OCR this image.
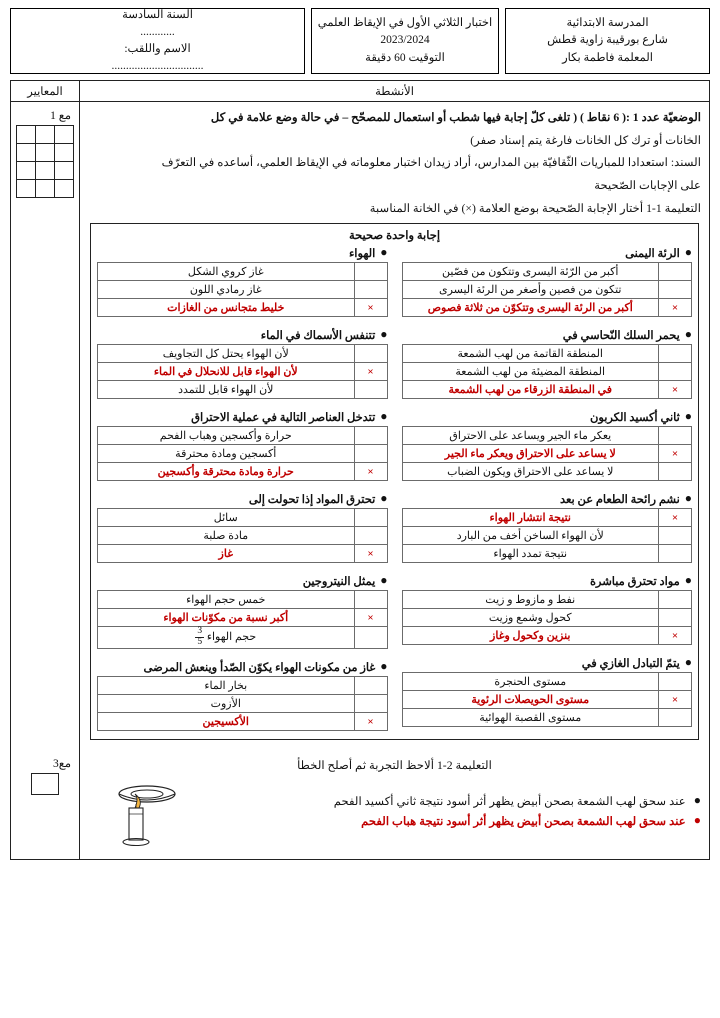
المدرسة الابتدائية
شارع بورقيبة زاوية قطش
المعلمة فاطمة بكار
اختبار الثلاثي الأول في الإيقاظ العلمي
2023/2024
التوقيت 60 دقيقة
السنة السادسة
............
الاسم واللقب:
................................
الأنشطة
المعايير

الوضعيّة عدد 1 :( 6 نقاط ) ( تلغى كلّ إجابة فيها شطب أو استعمال للمصحّح – في حالة وضع علامة في كل

الخانات أو ترك كل الخانات فارغة يتم إسناد صفر)

السند: استعدادا للمباريات الثّقافيّة بين المدارس، أراد زيدان اختبار معلوماته في الإيقاظ العلمي، أساعده في التعرّف

على الإجابات الصّحيحة

التعليمة 1-1 أختار الإجابة الصّحيحة بوضع العلامة (×) في الخانة المناسبة

إجابة واحدة صحيحة
●
الرئة اليمنى
	أكبر من الرّئة اليسرى وتتكون من فصّين
	تتكون من فصين وأصغر من الرئة اليسرى
×	أكبر من الرئة اليسرى وتتكوّن من ثلاثة فصوص
●
يحمر السلك النّحاسي في
	المنطقة القاتمة من لهب الشمعة
	المنطقة المضيئة من لهب الشمعة
×	في المنطقة الزرقاء من لهب الشمعة
●
ثاني أكسيد الكربون
	يعكر ماء الجير ويساعد على الاحتراق
×	لا يساعد على الاحتراق ويعكر ماء الجير
	لا يساعد على الاحتراق ويكون الضباب
●
نشم رائحة الطعام عن بعد
×	نتيجة انتشار الهواء
	لأن الهواء الساخن أخف من البارد
	نتيجة تمدد الهواء
●
مواد تحترق مباشرة
	نفط و مازوط و زيت
	كحول وشمع وزيت
×	بنزين وكحول وغاز
●
يتمّ التبادل الغازي في
	مستوى الحنجرة
×	مستوى الحويصلات الرئوية
	مستوى القصبة الهوائية
●
الهواء
	غاز كروي الشكل
	غاز رمادي اللون
×	خليط متجانس من الغازات
●
تتنفس الأسماك في الماء
	لأن الهواء يحتل كل التجاويف
×	لأن الهواء قابل للانحلال في الماء
	لأن الهواء قابل للتمدد
●
تتدخل العناصر التالية في عملية الاحتراق
	حرارة وأكسجين وهباب الفحم
	أكسجين ومادة محترقة
×	حرارة ومادة محترقة وأكسجين
●
تحترق المواد إذا تحولت إلى
	سائل
	مادة صلبة
×	غاز
●
يمثل النيتروجين
	خمس حجم الهواء
×	أكبر نسبة من مكوّنات الهواء
	حجم الهواء
$\frac{3}{5}$
●
غاز من مكونات الهواء يكوّن الصّدأ وينعش المرضى
	بخار الماء
	الأزوت
×	الأكسيجين
مع 1

التعليمة 2-1 ألاحظ التجربة ثم أصلح الخطأ

●
عند سحق لهب الشمعة بصحن أبيض يظهر أثر أسود نتيجة ثاني أكسيد الفحم
●
عند سحق لهب الشمعة بصحن أبيض يظهر أثر أسود نتيجة هباب الفحم
مع3
